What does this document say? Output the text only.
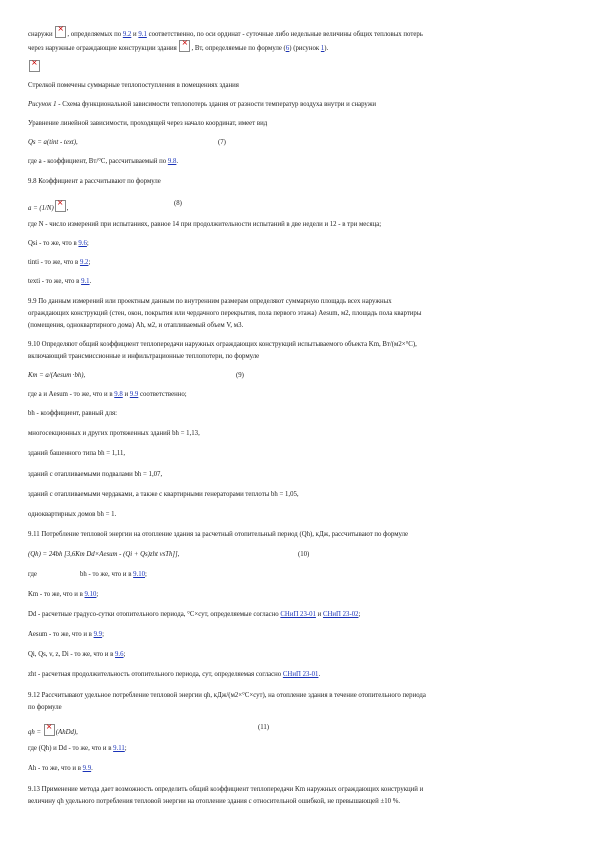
снаружи × , определяемых по 9.2 и 9.1 соответственно, по оси ординат - суточные либо недельные величины общих тепловых потерь
через наружные ограждающие конструкции здания × , Вт, определяемые по формуле (6) (рисунок 1).
×
Стрелкой помечены суммарные теплопоступления в помещениях здания
Рисунок 1 - Схема функциональной зависимости теплопотерь здания от разности температур воздуха внутри и снаружи
Уравнение линейной зависимости, проходящей через начало координат, имеет вид
Qs = a(tint - text),	(7)
где a - коэффициент, Вт/°С, рассчитываемый по 9.8.
9.8 Коэффициент a рассчитывают по формуле
a = (1/N) × ,
(8)
где N - число измерений при испытаниях, равное 14 при продолжительности испытаний в две недели и 12 - в три месяца;
Qsi - то же, что в 9.6;
tinti - то же, что в 9.2;
texti - то же, что в 9.1.
9.9 По данным измерений или проектным данным по внутренним размерам определяют суммарную площадь всех наружных
ограждающих конструкций (стен, окон, покрытия или чердачного перекрытия, пола первого этажа) Aesum, м2, площадь пола квартиры
(помещения, одноквартирного дома) Ah, м2, и отапливаемый объем V, м3.
9.10 Определяют общий коэффициент теплопередачи наружных ограждающих конструкций испытываемого объекта Km, Вт/(м2×°С),
включающий трансмиссионные и инфильтрационные теплопотери, по формуле
Km = a/(Aesum ·bh),	(9)
где a и Aesum - то же, что и в 9.8 и 9.9 соответственно;
bh - коэффициент, равный для:
многосекционных и других протяженных зданий bh = 1,13,
зданий башенного типа bh = 1,11,
зданий с отапливаемыми подвалами bh = 1,07,
зданий с отапливаемыми чердаками, а также с квартирными генераторами теплоты bh = 1,05,
одноквартирных домов bh = 1.
9.11 Потребление тепловой энергии на отопление здания за расчетный отопительный период (Qh), кДж, рассчитывают по формуле
(Qh) = 24bh [3,6Km Dd×Aesum - (Qi + Qs)zht vsTh]],	(10)
где	bh - то же, что и в 9.10;
Km - то же, что и в 9.10;
Dd - расчетные градусо-сутки отопительного периода, °С×сут, определяемые согласно СНиП 23-01 и СНиП 23-02;
Aesum - то же, что и в 9.9;
Qi, Qs, v, z, Di - то же, что и в 9.6;
zht - расчетная продолжительность отопительного периода, сут, определяемая согласно СНиП 23-01.
9.12 Рассчитывают удельное потребление тепловой энергии qh, кДж/(м2×°С×сут), на отопление здания в течение отопительного периода
по формуле
qh = × (AhDd),
(11)
где (Qh) и Dd - то же, что и в 9.11;
Ah - то же, что и в 9.9.
9.13 Применение метода дает возможность определить общий коэффициент теплопередачи Km наружных ограждающих конструкций и
величину qh удельного потребления тепловой энергии на отопление здания с относительной ошибкой, не превышающей ±10 %.
